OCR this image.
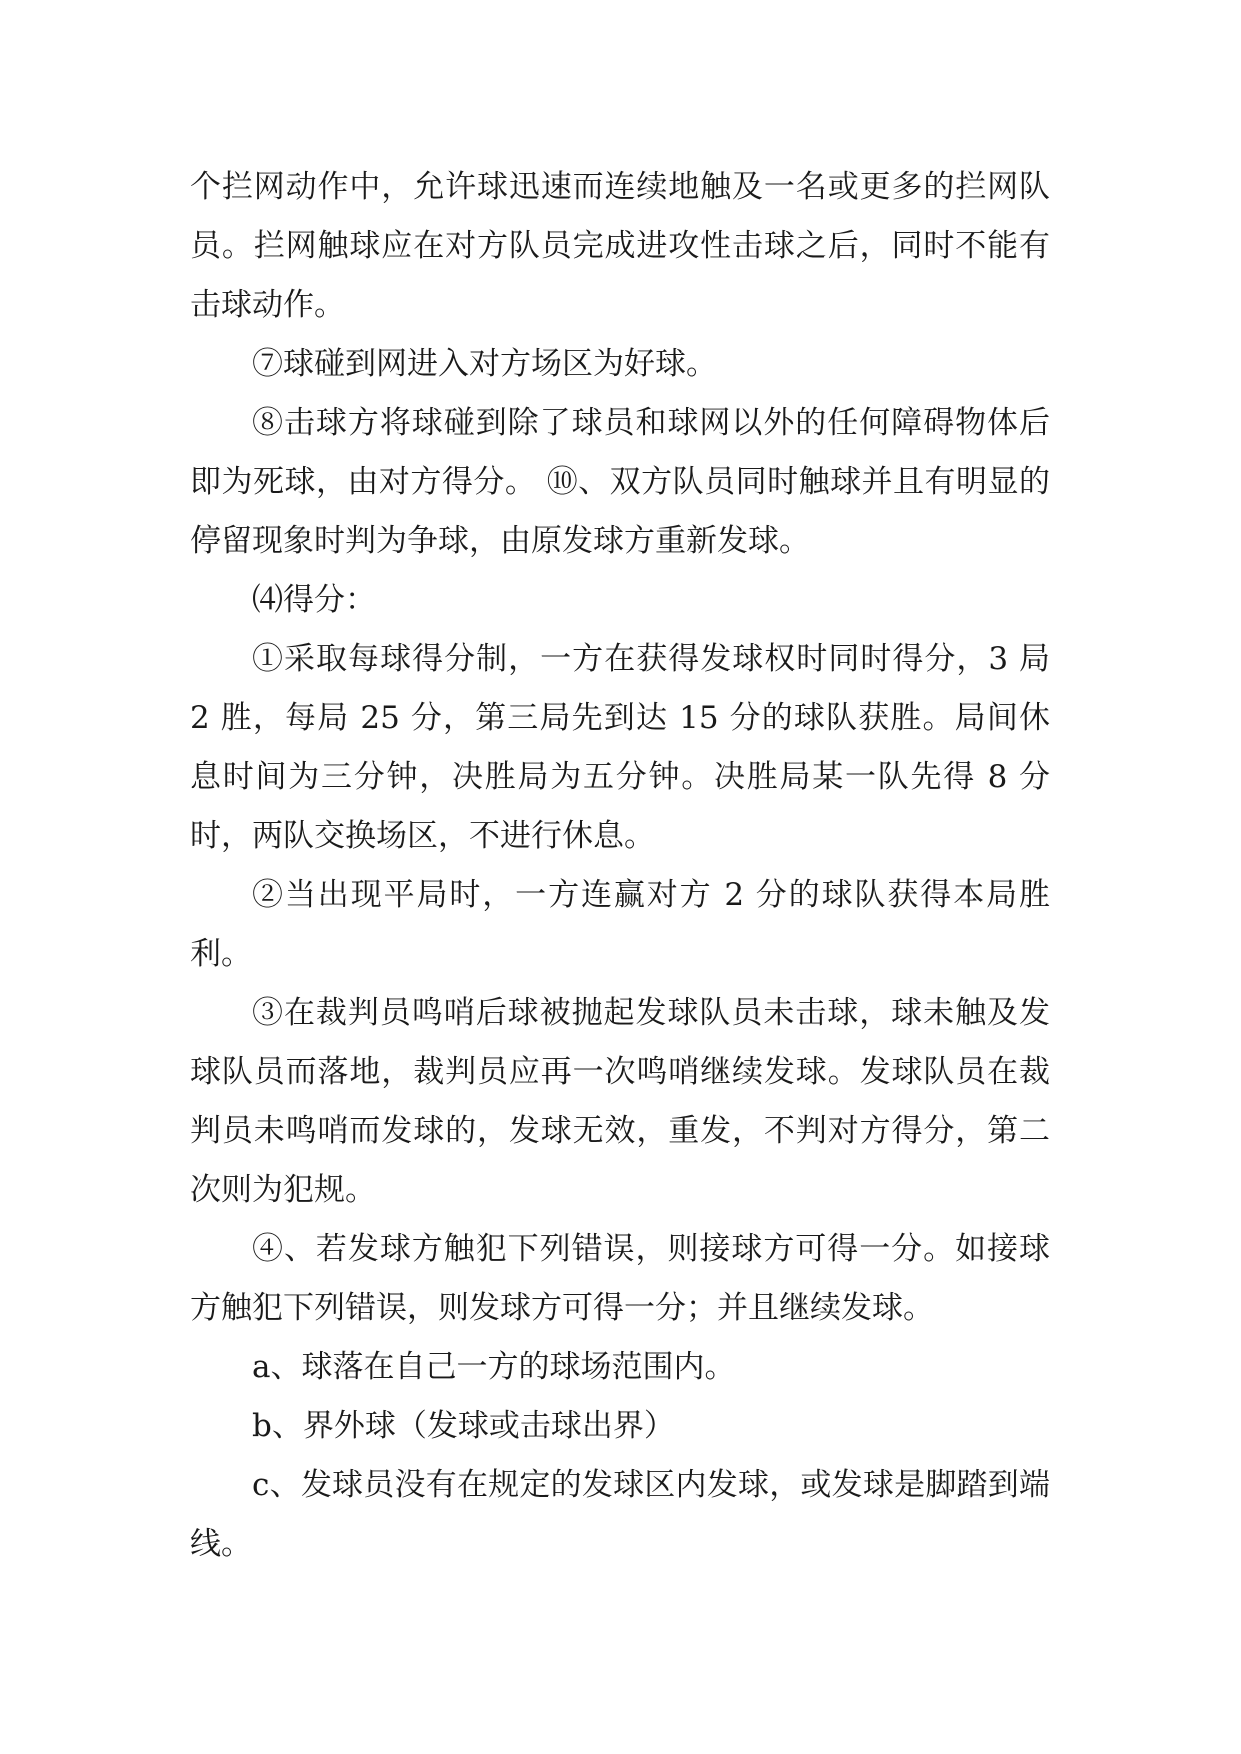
个拦网动作中，允许球迅速而连续地触及一名或更多的拦网队员。拦网触球应在对方队员完成进攻性击球之后，同时不能有击球动作。

⑦球碰到网进入对方场区为好球。

⑧击球方将球碰到除了球员和球网以外的任何障碍物体后即为死球，由对方得分。 ⑩、双方队员同时触球并且有明显的停留现象时判为争球，由原发球方重新发球。

⑷得分：

①采取每球得分制，一方在获得发球权时同时得分，3 局 2 胜，每局 25 分，第三局先到达 15 分的球队获胜。局间休息时间为三分钟，决胜局为五分钟。决胜局某一队先得 8 分时，两队交换场区，不进行休息。

②当出现平局时，一方连赢对方 2 分的球队获得本局胜利。

③在裁判员鸣哨后球被抛起发球队员未击球，球未触及发球队员而落地，裁判员应再一次鸣哨继续发球。发球队员在裁判员未鸣哨而发球的，发球无效，重发，不判对方得分，第二次则为犯规。

④、若发球方触犯下列错误，则接球方可得一分。如接球方触犯下列错误，则发球方可得一分；并且继续发球。

a、球落在自己一方的球场范围内。

b、界外球（发球或击球出界）

c、发球员没有在规定的发球区内发球，或发球是脚踏到端线。
